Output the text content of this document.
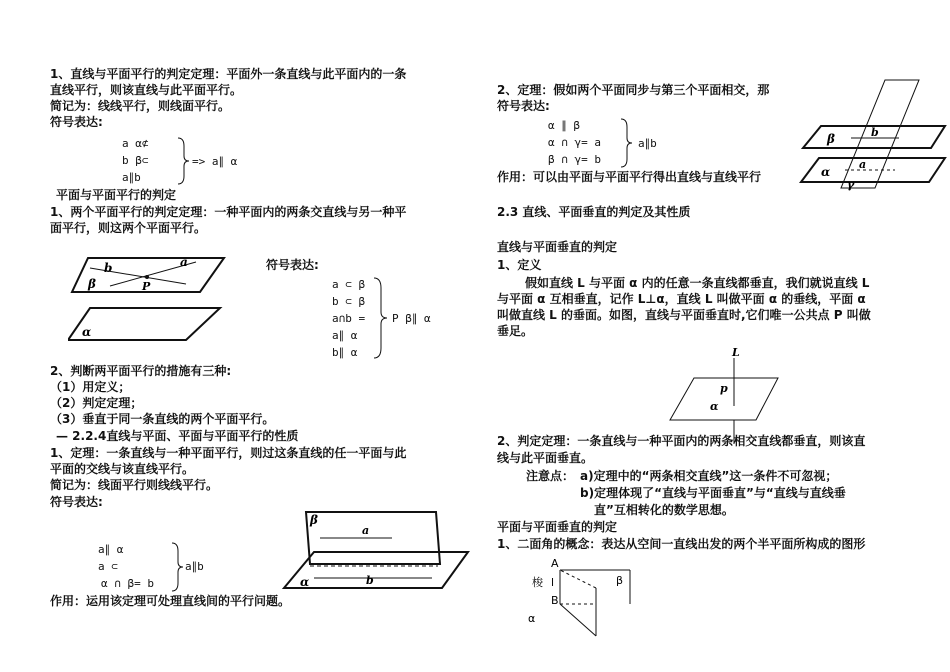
1、直线与平面平行的判定定理：平面外一条直线与此平面内的一条
直线平行，则该直线与此平面平行。
简记为：线线平行，则线面平行。
符号表达:
a α⊄
b β⊂
a∥b
=> a∥ α
平面与平面平行的判定
1、两个平面平行的判定定理：一种平面内的两条交直线与另一种平
面平行，则这两个平面平行。
b	a
β	P
α
符号表达:
a ⊂ β
b ⊂ β
a∩b =
a∥ α
b∥ α
P β∥ α
2、判断两平面平行的措施有三种:
（1）用定义；
（2）判定定理；
（3）垂直于同一条直线的两个平面平行。
— 2.2.4直线与平面、平面与平面平行的性质
1、定理：一条直线与一种平面平行，则过这条直线的任一平面与此
平面的交线与该直线平行。
简记为：线面平行则线线平行。
符号表达:
a∥ α
a ⊂
α ∩ β= b
a∥b
作用：运用该定理可处理直线间的平行问题。
β
a
α	b
2、定理：假如两个平面同步与第三个平面相交，那
符号表达:
α ∥ β
α ∩ γ= a
β ∩ γ= b
a∥b
作用：可以由平面与平面平行得出直线与直线平行
β	b
α
a
γ
2.3 直线、平面垂直的判定及其性质
直线与平面垂直的判定
1、定义
假如直线 L 与平面 α 内的任意一条直线都垂直，我们就说直线 L
与平面 α 互相垂直，记作 L⊥α，直线 L 叫做平面 α 的垂线，平面 α
叫做直线 L 的垂面。如图，直线与平面垂直时,它们唯一公共点 P 叫做
垂足。
L
p
α
2、判定定理：一条直线与一种平面内的两条相交直线都垂直，则该直
线与此平面垂直。
注意点： a)定理中的“两条相交直线”这一条件不可忽视；
b)定理体现了“直线与平面垂直”与“直线与直线垂
直”互相转化的数学思想。
平面与平面垂直的判定
1、二面角的概念：表达从空间一直线出发的两个半平面所构成的图形
A
梭 l	β
B
α
